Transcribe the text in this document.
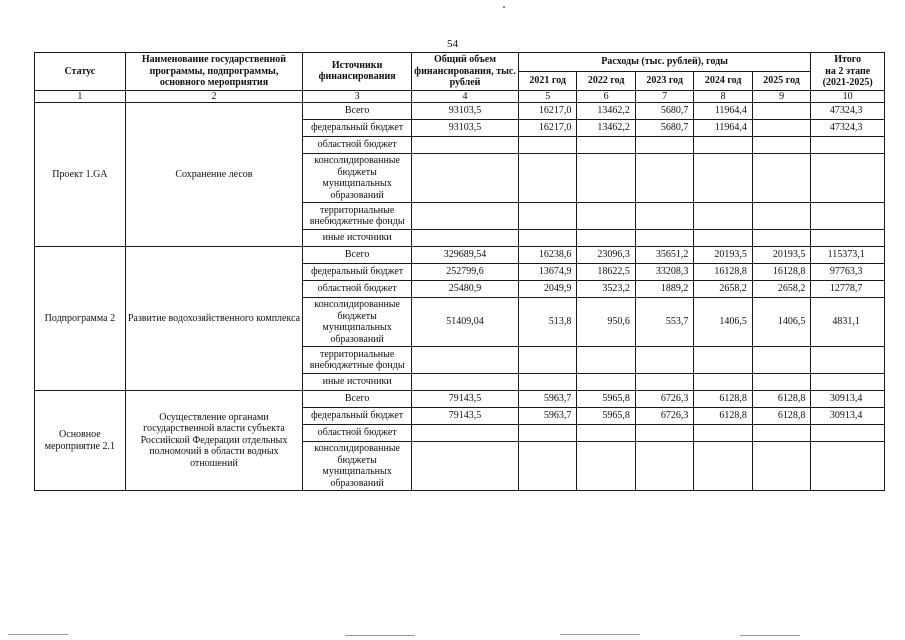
54
Статус	Наименование государственной программы, подпрограммы, основного мероприятия	Источники финансирования	Общий объем финансирования, тыс. рублей	Расходы (тыс. рублей), годы					Итого
на 2 этапе
(2021-2025)
				2021 год	2022 год	2023 год	2024 год	2025 год	
1	2	3	4	5	6	7	8	9	10
Проект 1.GA	Сохранение лесов	Всего	93103,5	16217,0	13462,2	5680,7	11964,4		47324,3
		федеральный бюджет	93103,5	16217,0	13462,2	5680,7	11964,4		47324,3
		областной бюджет							
		консолидированные бюджеты муниципальных образований							
		территориальные внебюджетные фонды							
		иные источники							
Подпрограмма 2	Развитие водохозяйственного комплекса	Всего	329689,54	16238,6	23096,3	35651,2	20193,5	20193,5	115373,1
		федеральный бюджет	252799,6	13674,9	18622,5	33208,3	16128,8	16128,8	97763,3
		областной бюджет	25480,9	2049,9	3523,2	1889,2	2658,2	2658,2	12778,7
		консолидированные бюджеты муниципальных образований	51409,04	513,8	950,6	553,7	1406,5	1406,5	4831,1
		территориальные внебюджетные фонды							
		иные источники							
Основное мероприятие 2.1	Осуществление органами государственной власти субъекта Российской Федерации отдельных полномочий в области водных отношений	Всего	79143,5	5963,7	5965,8	6726,3	6128,8	6128,8	30913,4
		федеральный бюджет	79143,5	5963,7	5965,8	6726,3	6128,8	6128,8	30913,4
		областной бюджет							
		консолидированные бюджеты муниципальных образований							
